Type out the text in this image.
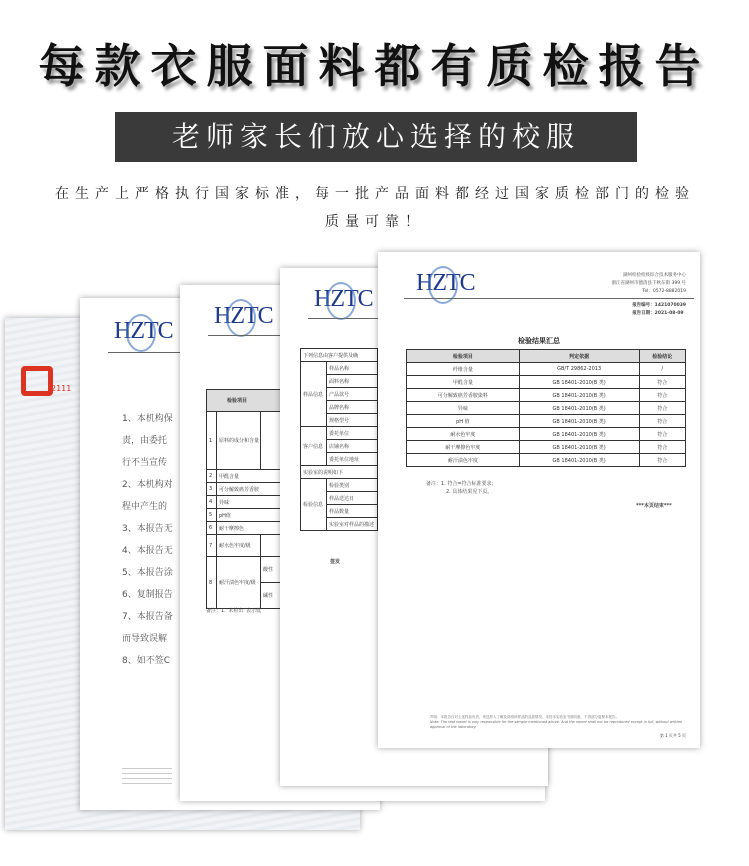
每款衣服面料都有质检报告
老师家长们放心选择的校服
在生产上严格执行国家标准，每一批产品面料都经过国家质检部门的检验
质量可靠！
2111
HZTC
1、本机构保
责，由委托
行不当宣传
2、本机构对
程中产生的
3、本报告无
4、本报告无
5、本报告涂
6、复制报告
7、本报告备
而导致误解
8、如不签C
HZTC
检验项目		
1	原料的成分和含量	
2	甲醛含量	
3	可分解致癌芳香胺	
4	异味	
5	pH值	
6	耐干摩擦色	
7	耐水色牢度/级	
8	耐汗渍色牢度/级	酸性
		碱性
备注：1.“未检出”表示低
HZTC
下列信息由客户提供及确	
样品信息	样品名称
	面料名称
	产品款号
	品牌名称
	规格型号
客户信息	委托单位
	店铺名称
	委托单位地址
实验室的说明如下	
检验信息	检验类别
	样品送达日
	样品数量
	实验室对样品的描述
签发
HZTC	湖州检验检疫综合技术服务中心
浙江省湖州市德清县千秋东街 399 号
Tel：0572-8882019
报告编号：1421070039
报告日期：2021-08-09
检验结果汇总
检验项目	判定依据	检验结论
纤维含量	GB/T 29862-2013	/
甲醛含量	GB 18401-2010(B 类)	符合
可分解致癌芳香胺染料	GB 18401-2010(B 类)	符合
异味	GB 18401-2010(B 类)	符合
pH 值	GB 18401-2010(B 类)	符合
耐水色牢度	GB 18401-2010(B 类)	符合
耐干摩擦色牢度	GB 18401-2010(B 类)	符合
耐汗渍色牢度	GB 18401-2010(B 类)	符合
备注：1. 符合=符合标准要求；
2. 具体结果见下页。
***本页结束***
声明：本报告仅对上述样品负责，该送样人了解及说明该样品的品质情况，未经本实验室书面同意，不得部分复制本报告。
Note: The test report is only responsible for the sample mentioned above. And the report shall not be reproduced except in full, without written approval of the laboratory.
第 1 页共 5 页
